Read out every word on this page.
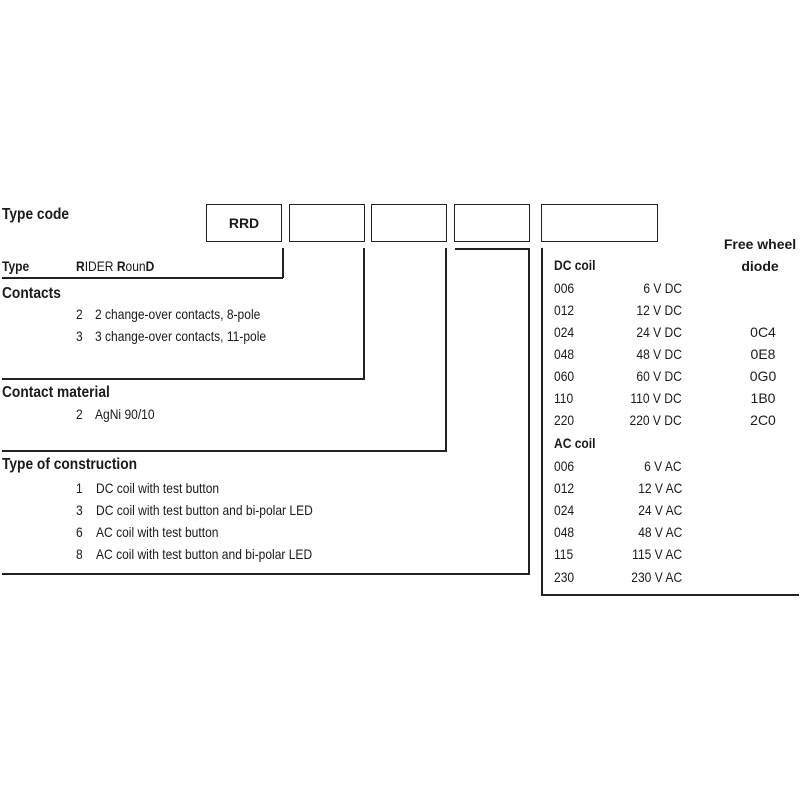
Type code	RRD
Type	RIDER RounD
Contacts
2 2 change-over contacts, 8-pole
3 3 change-over contacts, 11-pole
Contact material
2 AgNi 90/10
Type of construction
1 DC coil with test button
3 DC coil with test button and bi-polar LED
6 AC coil with test button
8 AC coil with test button and bi-polar LED
Free wheel
diode
DC coil
006	6 V DC
012	12 V DC
024	24 V DC	0C4
048	48 V DC	0E8
060	60 V DC	0G0
110	110 V DC	1B0
220	220 V DC	2C0
AC coil
006	6 V AC
012	12 V AC
024	24 V AC
048	48 V AC
115	115 V AC
230	230 V AC
